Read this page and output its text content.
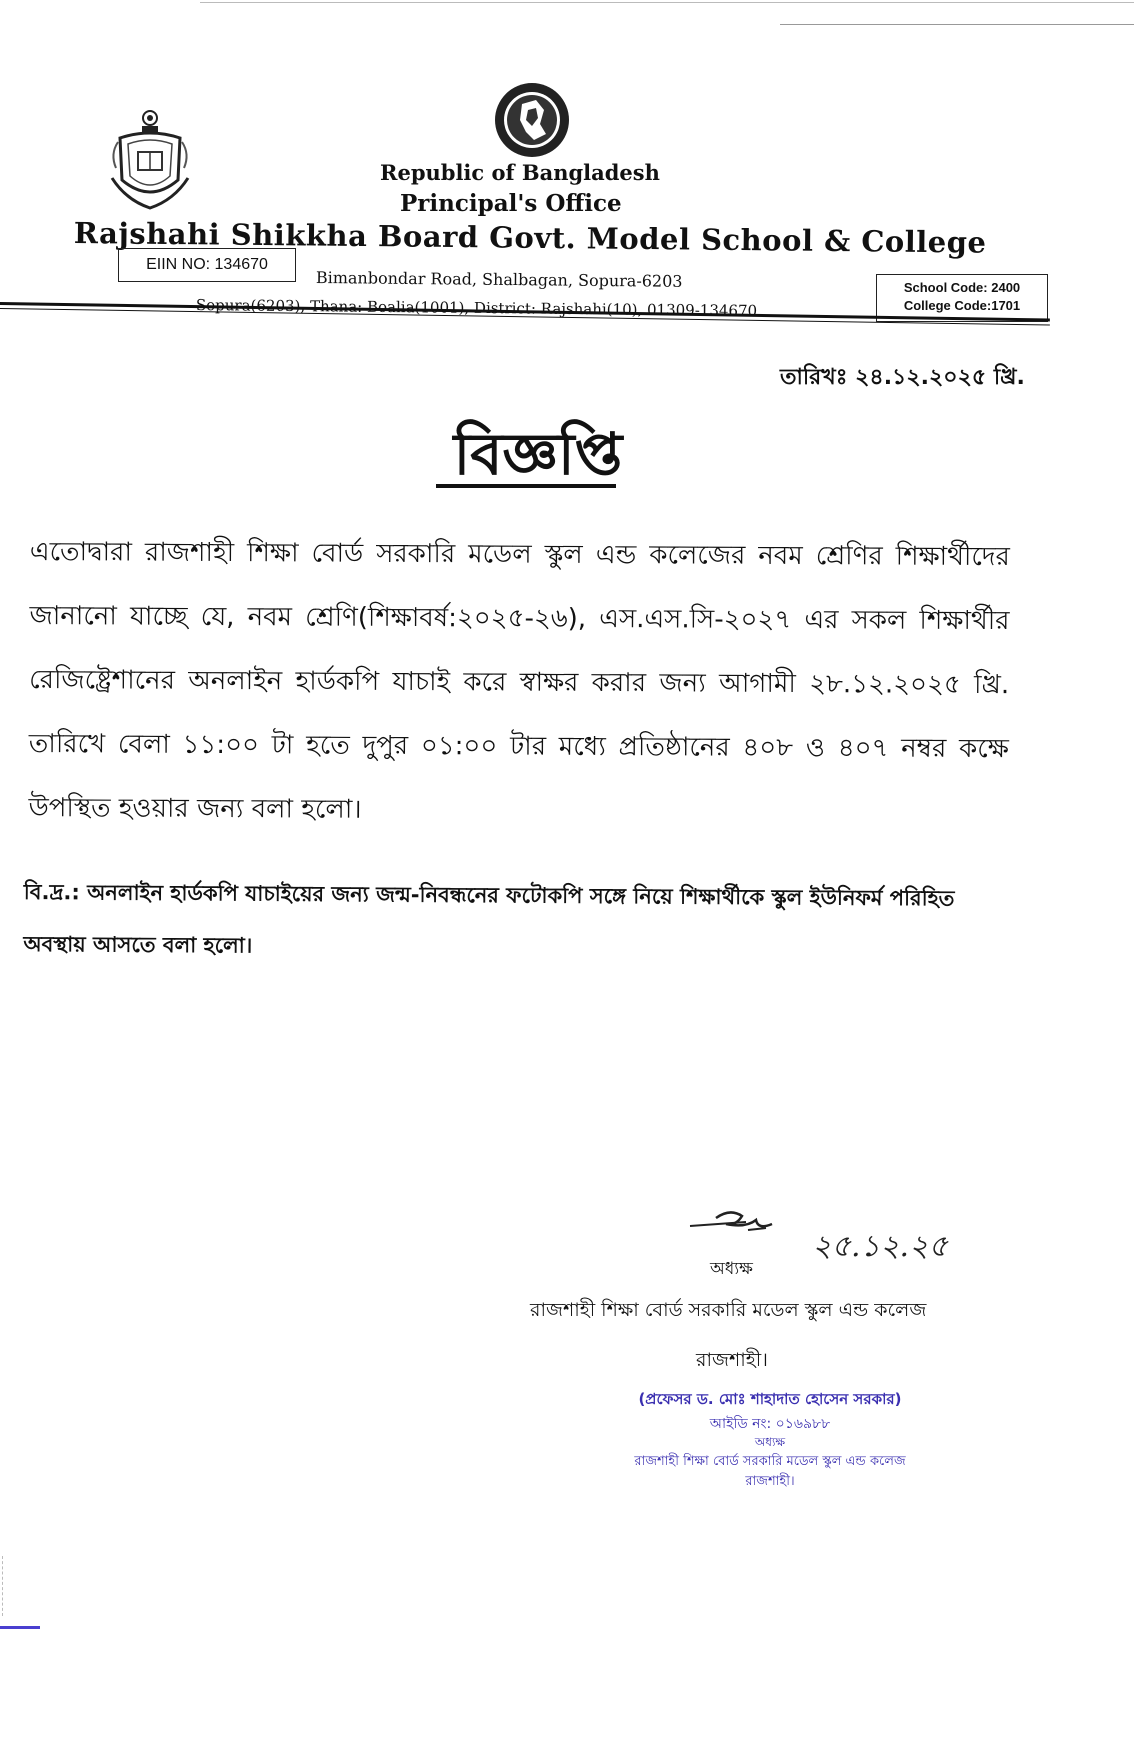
Republic of Bangladesh
Principal's Office
Rajshahi Shikkha Board Govt. Model School & College
EIIN NO: 134670
Bimanbondar Road, Shalbagan, Sopura-6203
Sopura(6203), Thana: Boalia(1001), District: Rajshahi(10), 01309-134670
School Code: 2400
College Code:1701
তারিখঃ ২৪.১২.২০২৫ খ্রি.
বিজ্ঞপ্তি
এতোদ্বারা রাজশাহী শিক্ষা বোর্ড সরকারি মডেল স্কুল এন্ড কলেজের নবম শ্রেণির শিক্ষার্থীদের জানানো যাচ্ছে যে, নবম শ্রেণি(শিক্ষাবর্ষ:২০২৫-২৬), এস.এস.সি-২০২৭ এর সকল শিক্ষার্থীর রেজিষ্ট্রেশানের অনলাইন হার্ডকপি যাচাই করে স্বাক্ষর করার জন্য আগামী ২৮.১২.২০২৫ খ্রি. তারিখে বেলা ১১:০০ টা হতে দুপুর ০১:০০ টার মধ্যে প্রতিষ্ঠানের ৪০৮ ও ৪০৭ নম্বর কক্ষে উপস্থিত হওয়ার জন্য বলা হলো।
বি.দ্র.: অনলাইন হার্ডকপি যাচাইয়ের জন্য জন্ম-নিবন্ধনের ফটোকপি সঙ্গে নিয়ে শিক্ষার্থীকে স্কুল ইউনিফর্ম পরিহিত অবস্থায় আসতে বলা হলো।
২৫.১২.২৫
অধ্যক্ষ
রাজশাহী শিক্ষা বোর্ড সরকারি মডেল স্কুল এন্ড কলেজ
রাজশাহী।
(প্রফেসর ড. মোঃ শাহাদাত হোসেন সরকার)
আইডি নং: ০১৬৯৮৮
অধ্যক্ষ
রাজশাহী শিক্ষা বোর্ড সরকারি মডেল স্কুল এন্ড কলেজ
রাজশাহী।
